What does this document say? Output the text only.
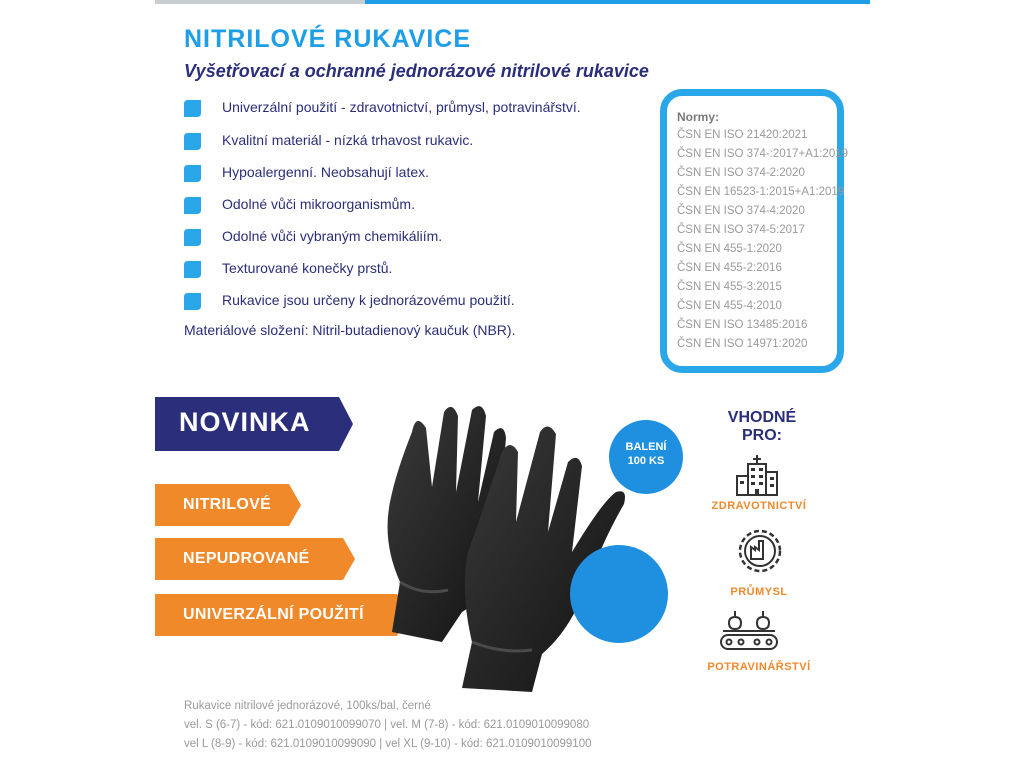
NITRILOVÉ RUKAVICE
Vyšetřovací a ochranné jednorázové nitrilové rukavice
Univerzální použití - zdravotnictví, průmysl, potravinářství.
Kvalitní materiál - nízká trhavost rukavic.
Hypoalergenní. Neobsahují latex.
Odolné vůči mikroorganismům.
Odolné vůči vybraným chemikáliím.
Texturované konečky prstů.
Rukavice jsou určeny k jednorázovému použití.
Materiálové složení: Nitril-butadienový kaučuk (NBR).
Normy:
ČSN EN ISO 21420:2021
ČSN EN ISO 374-:2017+A1:2019
ČSN EN ISO 374-2:2020
ČSN EN 16523-1:2015+A1:2019
ČSN EN ISO 374-4:2020
ČSN EN ISO 374-5:2017
ČSN EN 455-1:2020
ČSN EN 455-2:2016
ČSN EN 455-3:2015
ČSN EN 455-4:2010
ČSN EN ISO 13485:2016
ČSN EN ISO 14971:2020
NOVINKA
NITRILOVÉ
NEPUDROVANÉ
UNIVERZÁLNÍ POUŽITÍ
BALENÍ
100 KS
VHODNÉ
PRO:
ZDRAVOTNICTVÍ
PRŮMYSL
POTRAVINÁŘSTVÍ
Rukavice nitrilové jednorázové, 100ks/bal, černé
vel. S (6-7) - kód: 621.0109010099070 | vel. M (7-8) - kód: 621.0109010099080
vel L (8-9) - kód: 621.0109010099090 | vel XL (9-10) - kód: 621.0109010099100
